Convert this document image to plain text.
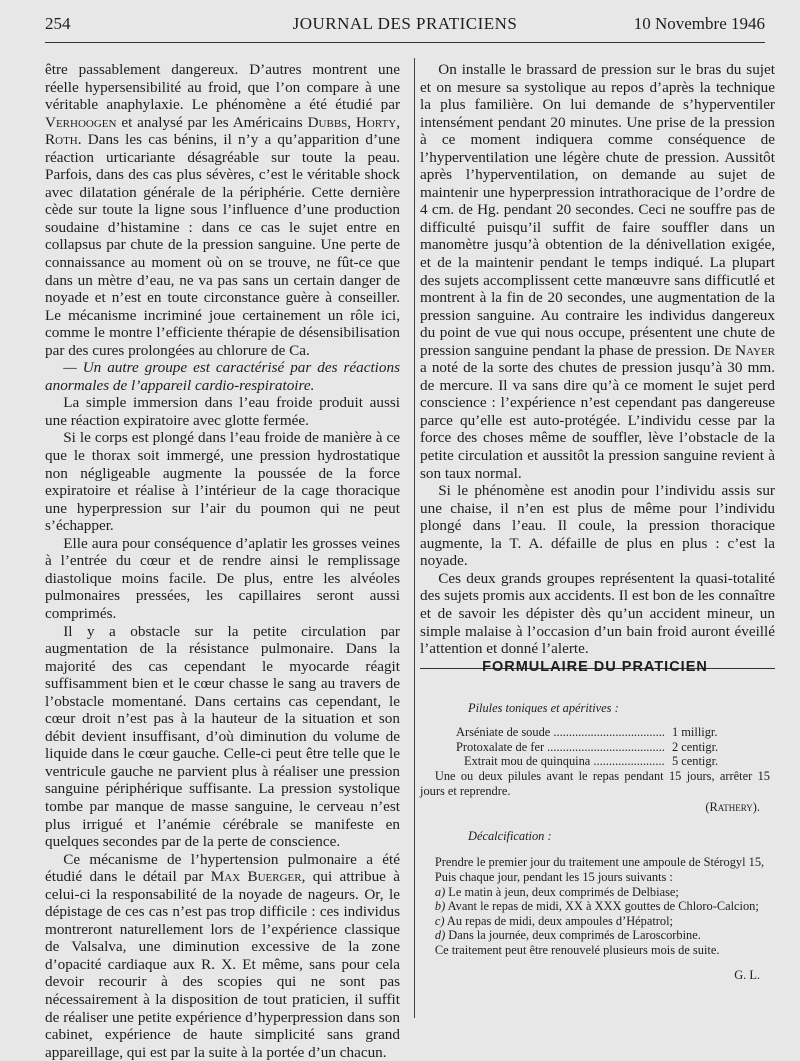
254	JOURNAL DES PRATICIENS	10 Novembre 1946

être passablement dangereux. D’autres montrent une réelle hypersensibilité au froid, que l’on compare à une véritable anaphylaxie. Le phénomène a été étudié par Verhoogen et analysé par les Américains Dubbs, Horty, Roth. Dans les cas bénins, il n’y a qu’apparition d’une réaction urticariante désagréable sur toute la peau. Parfois, dans des cas plus sévères, c’est le véritable shock avec dilatation générale de la périphérie. Cette dernière cède sur toute la ligne sous l’influence d’une production soudaine d’histamine : dans ce cas le sujet entre en collapsus par chute de la pression sanguine. Une perte de connaissance au moment où on se trouve, ne fût-ce que dans un mètre d’eau, ne va pas sans un certain danger de noyade et n’est en toute circonstance guère à conseiller. Le mécanisme incriminé joue certainement un rôle ici, comme le montre l’efficiente thérapie de désensibilisation par des cures prolongées au chlorure de Ca.

— Un autre groupe est caractérisé par des réactions anormales de l’appareil cardio-respiratoire.

La simple immersion dans l’eau froide produit aussi une réaction expiratoire avec glotte fermée.

Si le corps est plongé dans l’eau froide de manière à ce que le thorax soit immergé, une pression hydrostatique non négligeable augmente la poussée de la force expiratoire et réalise à l’intérieur de la cage thoracique une hyperpression sur l’air du poumon qui ne peut s’échapper.

Elle aura pour conséquence d’aplatir les grosses veines à l’entrée du cœur et de rendre ainsi le remplissage diastolique moins facile. De plus, entre les alvéoles pulmonaires pressées, les capillaires seront aussi comprimés.

Il y a obstacle sur la petite circulation par augmentation de la résistance pulmonaire. Dans la majorité des cas cependant le myocarde réagit suffisamment bien et le cœur chasse le sang au travers de l’obstacle momentané. Dans certains cas cependant, le cœur droit n’est pas à la hauteur de la situation et son débit devient insuffisant, d’où diminution du volume de liquide dans le cœur gauche. Celle-ci peut être telle que le ventricule gauche ne parvient plus à réaliser une pression sanguine périphérique suffisante. La pression systolique tombe par manque de masse sanguine, le cerveau n’est plus irrigué et l’anémie cérébrale se manifeste en quelques secondes par de la perte de conscience.

Ce mécanisme de l’hypertension pulmonaire a été étudié dans le détail par Max Buerger, qui attribue à celui-ci la responsabilité de la noyade de nageurs. Or, le dépistage de ces cas n’est pas trop difficile : ces individus montreront naturellement lors de l’expérience classique de Valsalva, une diminution excessive de la zone d’opacité cardiaque aux R. X. Et même, sans pour cela devoir recourir à des scopies qui ne sont pas nécessairement à la disposition de tout praticien, il suffit de réaliser une petite expérience d’hyperpression dans son cabinet, expérience de haute simplicité sans grand appareillage, qui est par la suite à la portée d’un chacun.

On installe le brassard de pression sur le bras du sujet et on mesure sa systolique au repos d’après la technique la plus familière. On lui demande de s’hyperventiler intensément pendant 20 minutes. Une prise de la pression à ce moment indiquera comme conséquence de l’hyperventilation une légère chute de pression. Aussitôt après l’hyperventilation, on demande au sujet de maintenir une hyperpression intrathoracique de l’ordre de 4 cm. de Hg. pendant 20 secondes. Ceci ne souffre pas de difficulté puisqu’il suffit de faire souffler dans un manomètre jusqu’à obtention de la dénivellation exigée, et de la maintenir pendant le temps indiqué. La plupart des sujets accomplissent cette manœuvre sans difficutlé et montrent à la fin de 20 secondes, une augmentation de la pression sanguine. Au contraire les individus dangereux du point de vue qui nous occupe, présentent une chute de pression sanguine pendant la phase de pression. De Nayer a noté de la sorte des chutes de pression jusqu’à 30 mm. de mercure. Il va sans dire qu’à ce moment le sujet perd conscience : l’expérience n’est cependant pas dangereuse parce qu’elle est auto-protégée. L’individu cesse par la force des choses même de souffler, lève l’obstacle de la petite circulation et aussitôt la pression sanguine revient à son taux normal.

Si le phénomène est anodin pour l’individu assis sur une chaise, il n’en est plus de même pour l’individu plongé dans l’eau. Il coule, la pression thoracique augmente, la T. A. défaille de plus en plus : c’est la noyade.

Ces deux grands groupes représentent la quasi-totalité des sujets promis aux accidents. Il est bon de les connaître et de savoir les dépister dès qu’un accident mineur, un simple malaise à l’occasion d’un bain froid auront éveillé l’attention et donné l’alerte.

FORMULAIRE DU PRATICIEN
Pilules toniques et apéritives :
Arséniate de soude .....	1 milligr.
Protoxalate de fer .....	2 centigr.
Extrait mou de quinquina .....	5 centigr.

Une ou deux pilules avant le repas pendant 15 jours, arrêter 15 jours et reprendre.

(Rathery).
Décalcification :

Prendre le premier jour du traitement une ampoule de Stérogyl 15,

Puis chaque jour, pendant les 15 jours suivants :

a) Le matin à jeun, deux comprimés de Delbiase;

b) Avant le repas de midi, XX à XXX gouttes de Chloro-Calcion;

c) Au repas de midi, deux ampoules d’Hépatrol;

d) Dans la journée, deux comprimés de Laroscorbine.

Ce traitement peut être renouvelé plusieurs mois de suite.

G. L.
